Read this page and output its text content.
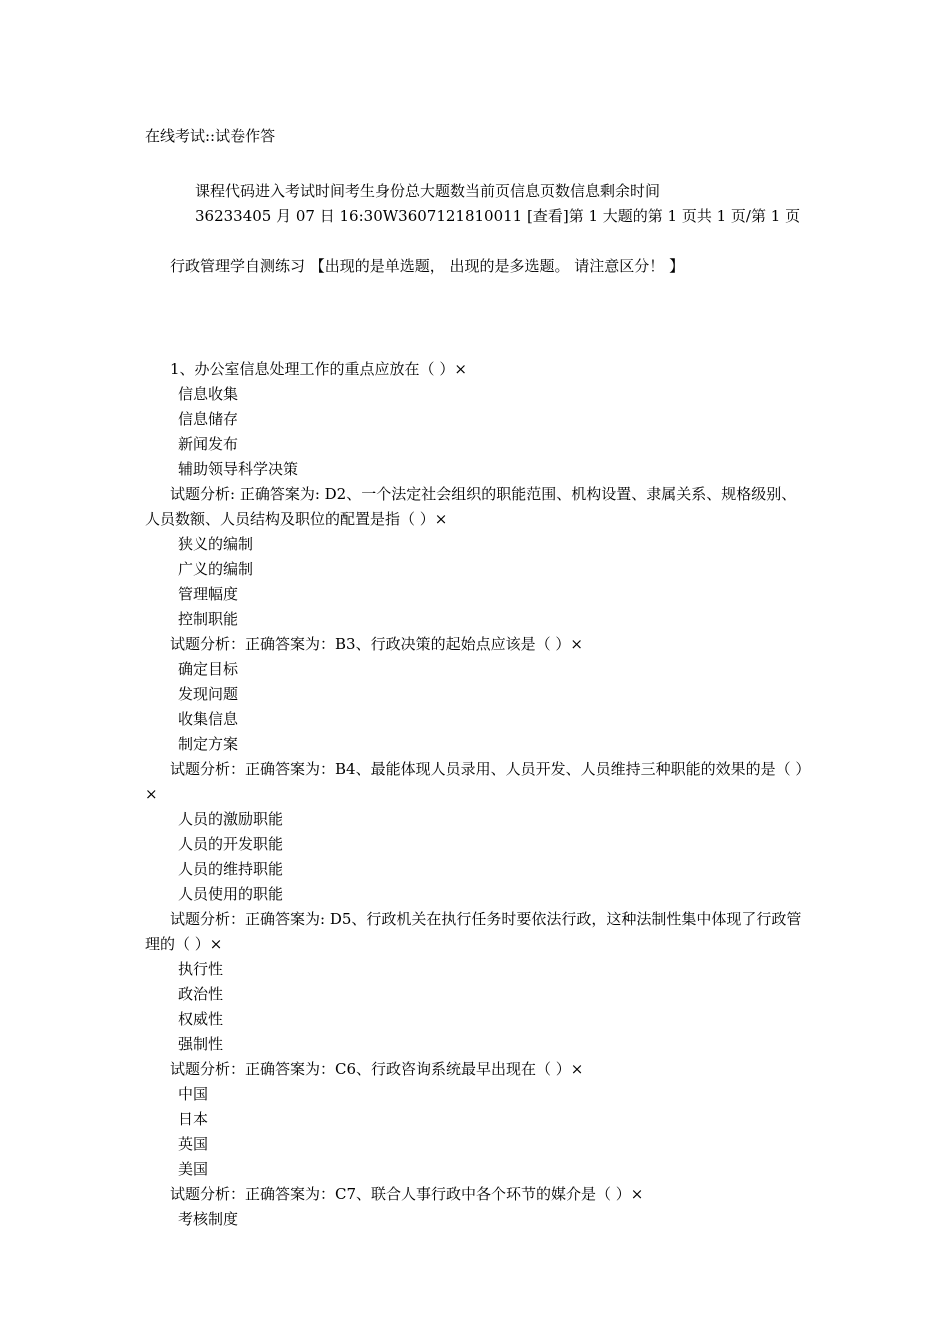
在线考试::试卷作答
课程代码进入考试时间考生身份总大题数当前页信息页数信息剩余时间
36233405 月 07 日 16:30W3607121810011 [查看]第 1 大题的第 1 页共 1 页/第 1 页
行政管理学自测练习 【出现的是单选题， 出现的是多选题。 请注意区分！ 】

1、办公室信息处理工作的重点应放在（ ）×

信息收集

信息储存

新闻发布

辅助领导科学决策

试题分析: 正确答案为: D2、一个法定社会组织的职能范围、机构设置、隶属关系、规格级别、人员数额、人员结构及职位的配置是指（ ）×

狭义的编制

广义的编制

管理幅度

控制职能

试题分析：正确答案为：B3、行政决策的起始点应该是（ ）×

确定目标

发现问题

收集信息

制定方案

试题分析：正确答案为：B4、最能体现人员录用、人员开发、人员维持三种职能的效果的是（ ）×

人员的激励职能

人员的开发职能

人员的维持职能

人员使用的职能

试题分析：正确答案为: D5、行政机关在执行任务时要依法行政，这种法制性集中体现了行政管理的（ ）×

执行性

政治性

权威性

强制性

试题分析：正确答案为：C6、行政咨询系统最早出现在（ ）×

中国

日本

英国

美国

试题分析：正确答案为：C7、联合人事行政中各个环节的媒介是（ ）×

考核制度
